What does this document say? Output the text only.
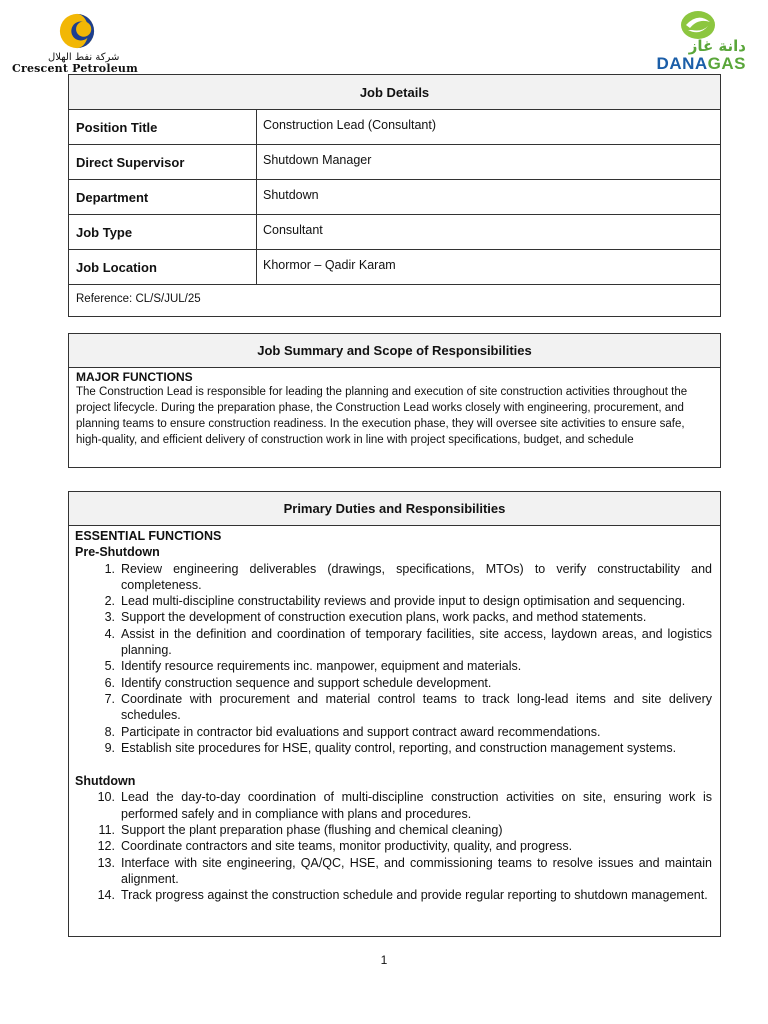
شركة نفط الهلال
Crescent Petroleum
دانة غاز
DANAGAS
Job Details
Position Title	Construction Lead (Consultant)
Direct Supervisor	Shutdown Manager
Department	Shutdown
Job Type	Consultant
Job Location	Khormor – Qadir Karam
Reference: CL/S/JUL/25
Job Summary and Scope of Responsibilities
MAJOR FUNCTIONS
The Construction Lead is responsible for leading the planning and execution of site construction activities throughout the project lifecycle. During the preparation phase, the Construction Lead works closely with engineering, procurement, and planning teams to ensure construction readiness. In the execution phase, they will oversee site activities to ensure safe, high-quality, and efficient delivery of construction work in line with project specifications, budget, and schedule
Primary Duties and Responsibilities
ESSENTIAL FUNCTIONS
Pre-Shutdown
1. Review engineering deliverables (drawings, specifications, MTOs) to verify constructability and completeness.
2. Lead multi-discipline constructability reviews and provide input to design optimisation and sequencing.
3. Support the development of construction execution plans, work packs, and method statements.
4. Assist in the definition and coordination of temporary facilities, site access, laydown areas, and logistics planning.
5. Identify resource requirements inc. manpower, equipment and materials.
6. Identify construction sequence and support schedule development.
7. Coordinate with procurement and material control teams to track long-lead items and site delivery schedules.
8. Participate in contractor bid evaluations and support contract award recommendations.
9. Establish site procedures for HSE, quality control, reporting, and construction management systems.
Shutdown
10. Lead the day-to-day coordination of multi-discipline construction activities on site, ensuring work is performed safely and in compliance with plans and procedures.
11. Support the plant preparation phase (flushing and chemical cleaning)
12. Coordinate contractors and site teams, monitor productivity, quality, and progress.
13. Interface with site engineering, QA/QC, HSE, and commissioning teams to resolve issues and maintain alignment.
14. Track progress against the construction schedule and provide regular reporting to shutdown management.
1
